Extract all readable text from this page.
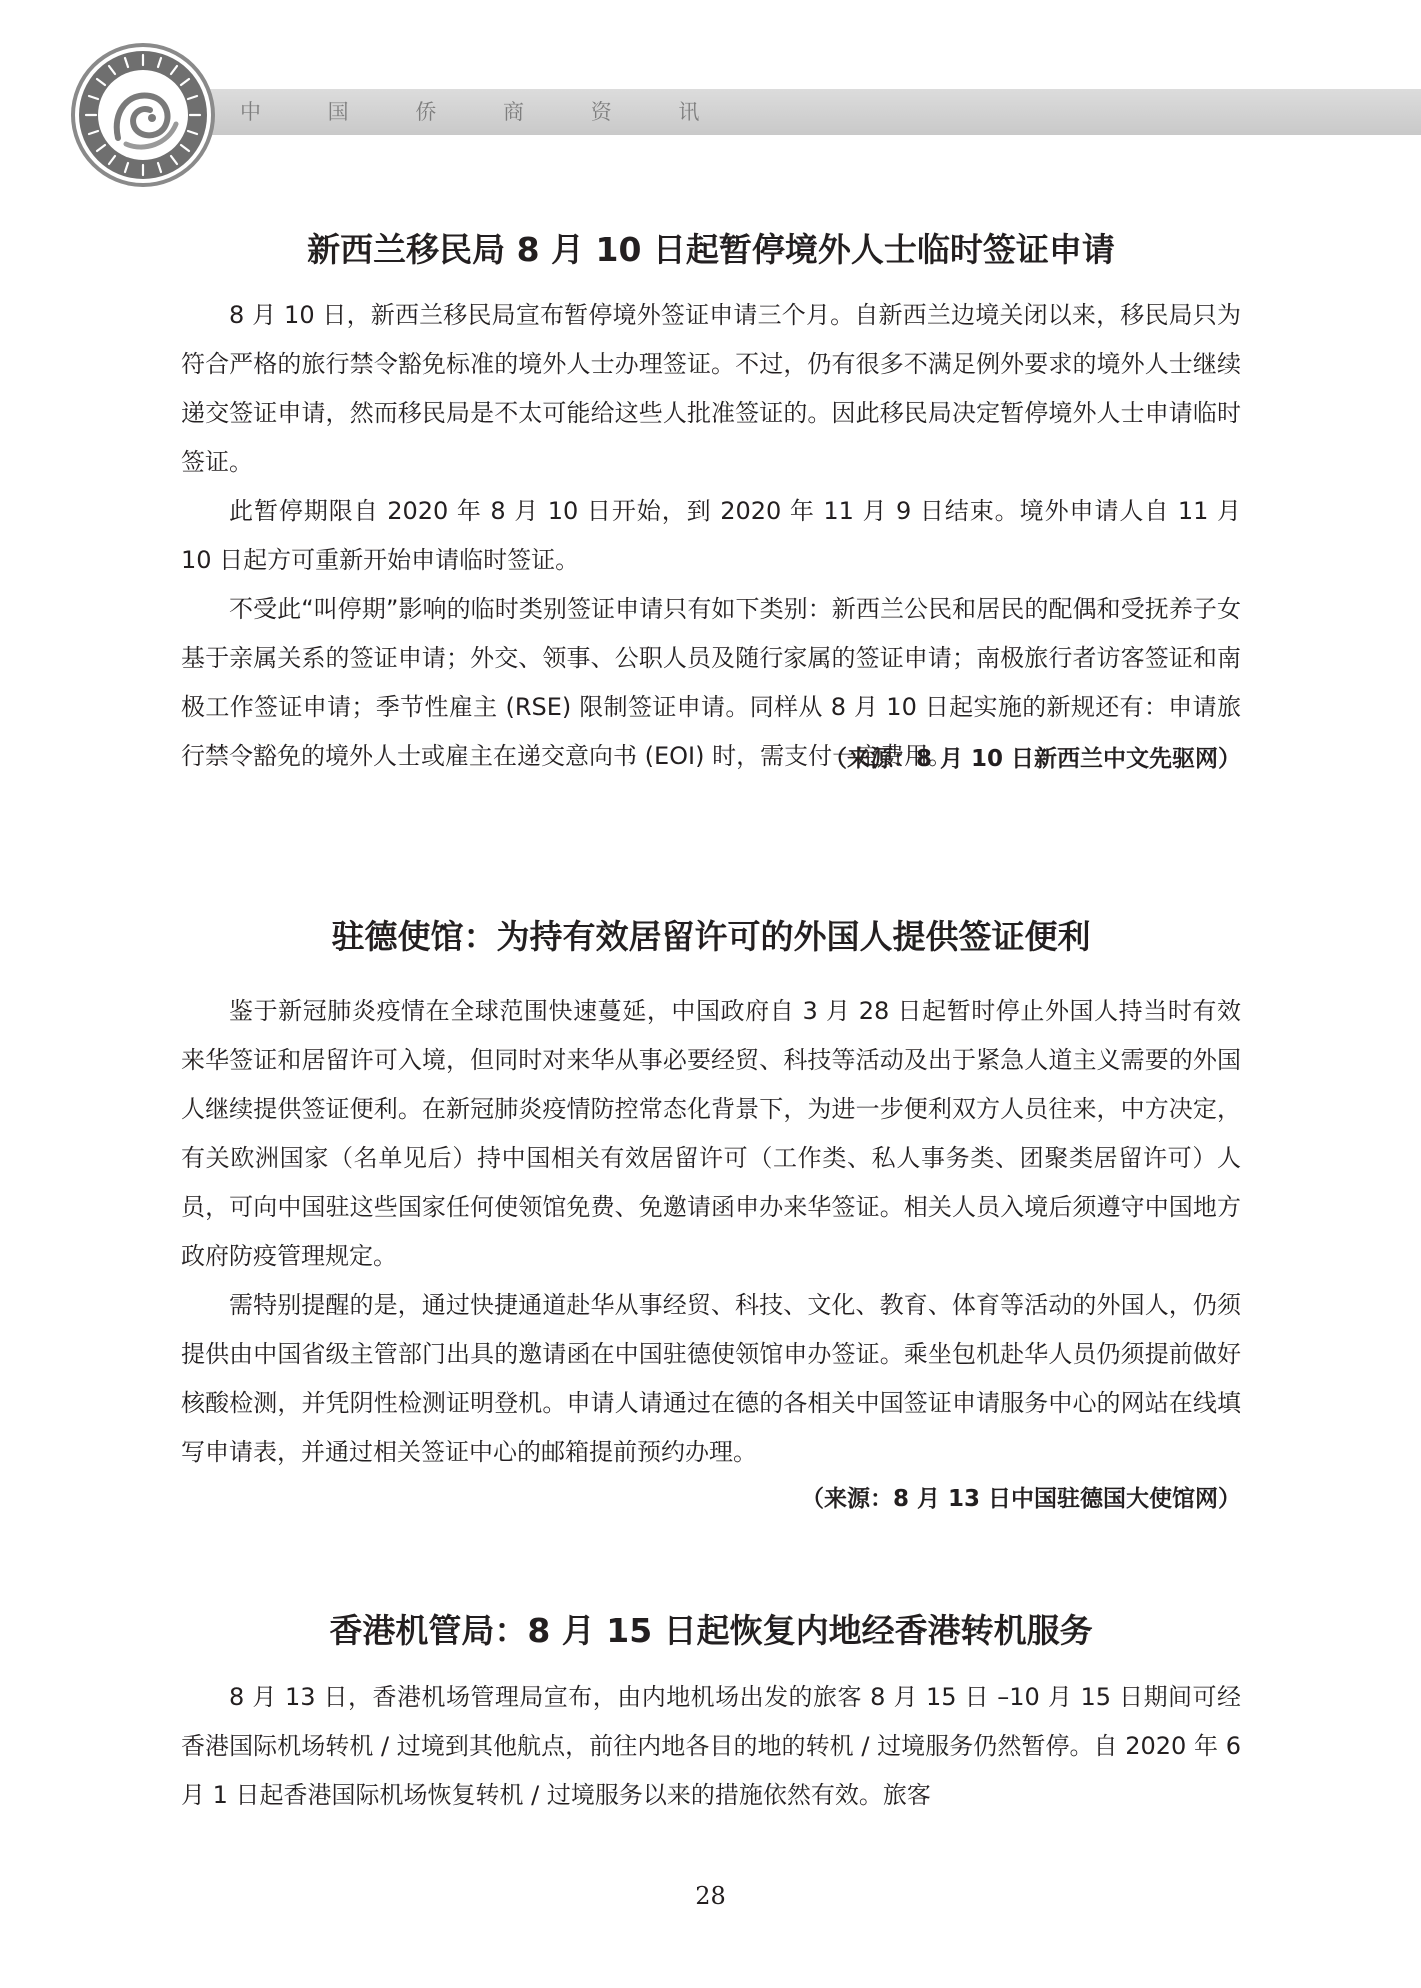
中 国 侨 商 资 讯
新西兰移民局 8 月 10 日起暂停境外人士临时签证申请

8 月 10 日，新西兰移民局宣布暂停境外签证申请三个月。自新西兰边境关闭以来，移民局只为符合严格的旅行禁令豁免标准的境外人士办理签证。不过，仍有很多不满足例外要求的境外人士继续递交签证申请，然而移民局是不太可能给这些人批准签证的。因此移民局决定暂停境外人士申请临时签证。

此暂停期限自 2020 年 8 月 10 日开始，到 2020 年 11 月 9 日结束。境外申请人自 11 月 10 日起方可重新开始申请临时签证。

不受此“叫停期”影响的临时类别签证申请只有如下类别：新西兰公民和居民的配偶和受抚养子女基于亲属关系的签证申请；外交、领事、公职人员及随行家属的签证申请；南极旅行者访客签证和南极工作签证申请；季节性雇主 (RSE) 限制签证申请。同样从 8 月 10 日起实施的新规还有：申请旅行禁令豁免的境外人士或雇主在递交意向书 (EOI) 时，需支付一定费用。

（来源：8 月 10 日新西兰中文先驱网）

驻德使馆：为持有效居留许可的外国人提供签证便利

鉴于新冠肺炎疫情在全球范围快速蔓延，中国政府自 3 月 28 日起暂时停止外国人持当时有效来华签证和居留许可入境，但同时对来华从事必要经贸、科技等活动及出于紧急人道主义需要的外国人继续提供签证便利。在新冠肺炎疫情防控常态化背景下，为进一步便利双方人员往来，中方决定，有关欧洲国家（名单见后）持中国相关有效居留许可（工作类、私人事务类、团聚类居留许可）人员，可向中国驻这些国家任何使领馆免费、免邀请函申办来华签证。相关人员入境后须遵守中国地方政府防疫管理规定。

需特别提醒的是，通过快捷通道赴华从事经贸、科技、文化、教育、体育等活动的外国人，仍须提供由中国省级主管部门出具的邀请函在中国驻德使领馆申办签证。乘坐包机赴华人员仍须提前做好核酸检测，并凭阴性检测证明登机。申请人请通过在德的各相关中国签证申请服务中心的网站在线填写申请表，并通过相关签证中心的邮箱提前预约办理。

（来源：8 月 13 日中国驻德国大使馆网）

香港机管局：8 月 15 日起恢复内地经香港转机服务

8 月 13 日，香港机场管理局宣布，由内地机场出发的旅客 8 月 15 日 –10 月 15 日期间可经香港国际机场转机 / 过境到其他航点，前往内地各目的地的转机 / 过境服务仍然暂停。自 2020 年 6 月 1 日起香港国际机场恢复转机 / 过境服务以来的措施依然有效。旅客

28
